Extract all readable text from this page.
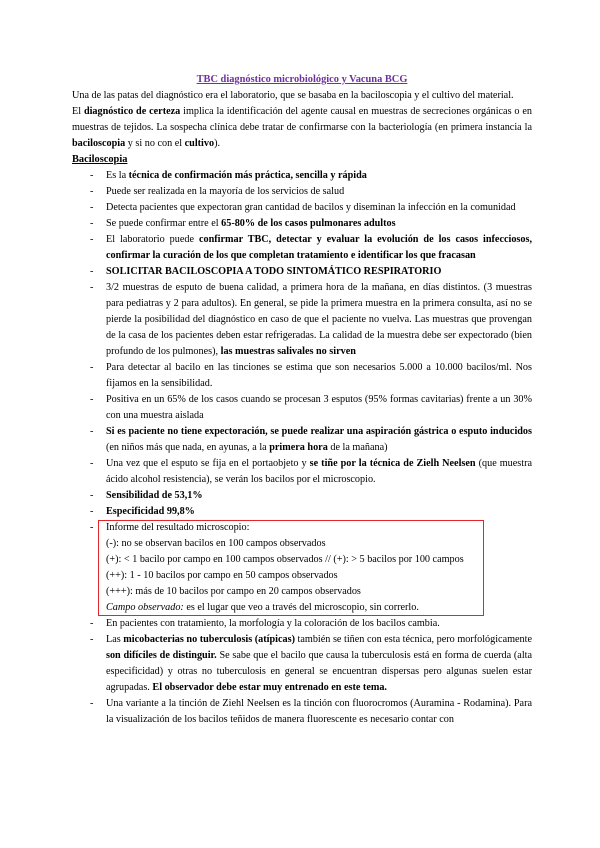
TBC diagnóstico microbiológico y Vacuna BCG

Una de las patas del diagnóstico era el laboratorio, que se basaba en la baciloscopia y el cultivo del material.

El diagnóstico de certeza implica la identificación del agente causal en muestras de secreciones orgánicas o en muestras de tejidos. La sospecha clínica debe tratar de confirmarse con la bacteriología (en primera instancia la baciloscopia y si no con el cultivo).

Baciloscopia

- Es la técnica de confirmación más práctica, sencilla y rápida
- Puede ser realizada en la mayoría de los servicios de salud
- Detecta pacientes que expectoran gran cantidad de bacilos y diseminan la infección en la comunidad
- Se puede confirmar entre el 65-80% de los casos pulmonares adultos
- El laboratorio puede confirmar TBC, detectar y evaluar la evolución de los casos infecciosos, confirmar la curación de los que completan tratamiento e identificar los que fracasan
- SOLICITAR BACILOSCOPIA A TODO SINTOMÁTICO RESPIRATORIO
- 3/2 muestras de esputo de buena calidad, a primera hora de la mañana, en días distintos. (3 muestras para pediatras y 2 para adultos). En general, se pide la primera muestra en la primera consulta, así no se pierde la posibilidad del diagnóstico en caso de que el paciente no vuelva. Las muestras que provengan de la casa de los pacientes deben estar refrigeradas. La calidad de la muestra debe ser expectorado (bien profundo de los pulmones), las muestras salivales no sirven
- Para detectar al bacilo en las tinciones se estima que son necesarios 5.000 a 10.000 bacilos/ml. Nos fijamos en la sensibilidad.
- Positiva en un 65% de los casos cuando se procesan 3 esputos (95% formas cavitarias) frente a un 30% con una muestra aislada
- Si es paciente no tiene expectoración, se puede realizar una aspiración gástrica o esputo inducidos (en niños más que nada, en ayunas, a la primera hora de la mañana)
- Una vez que el esputo se fija en el portaobjeto y se tiñe por la técnica de Zielh Neelsen (que muestra ácido alcohol resistencia), se verán los bacilos por el microscopio.
- Sensibilidad de 53,1%
- Especificidad 99,8%
- Informe del resultado microscopio:
(-): no se observan bacilos en 100 campos observados
(+): < 1 bacilo por campo en 100 campos observados // (+): > 5 bacilos por 100 campos
(++): 1 - 10 bacilos por campo en 50 campos observados
(+++): más de 10 bacilos por campo en 20 campos observados
Campo observado: es el lugar que veo a través del microscopio, sin correrlo.
- En pacientes con tratamiento, la morfología y la coloración de los bacilos cambia.
- Las micobacterias no tuberculosis (atípicas) también se tiñen con esta técnica, pero morfológicamente son difíciles de distinguir. Se sabe que el bacilo que causa la tuberculosis está en forma de cuerda (alta especificidad) y otras no tuberculosis en general se encuentran dispersas pero algunas suelen estar agrupadas. El observador debe estar muy entrenado en este tema.
- Una variante a la tinción de Ziehl Neelsen es la tinción con fluorocromos (Auramina - Rodamina). Para la visualización de los bacilos teñidos de manera fluorescente es necesario contar con
